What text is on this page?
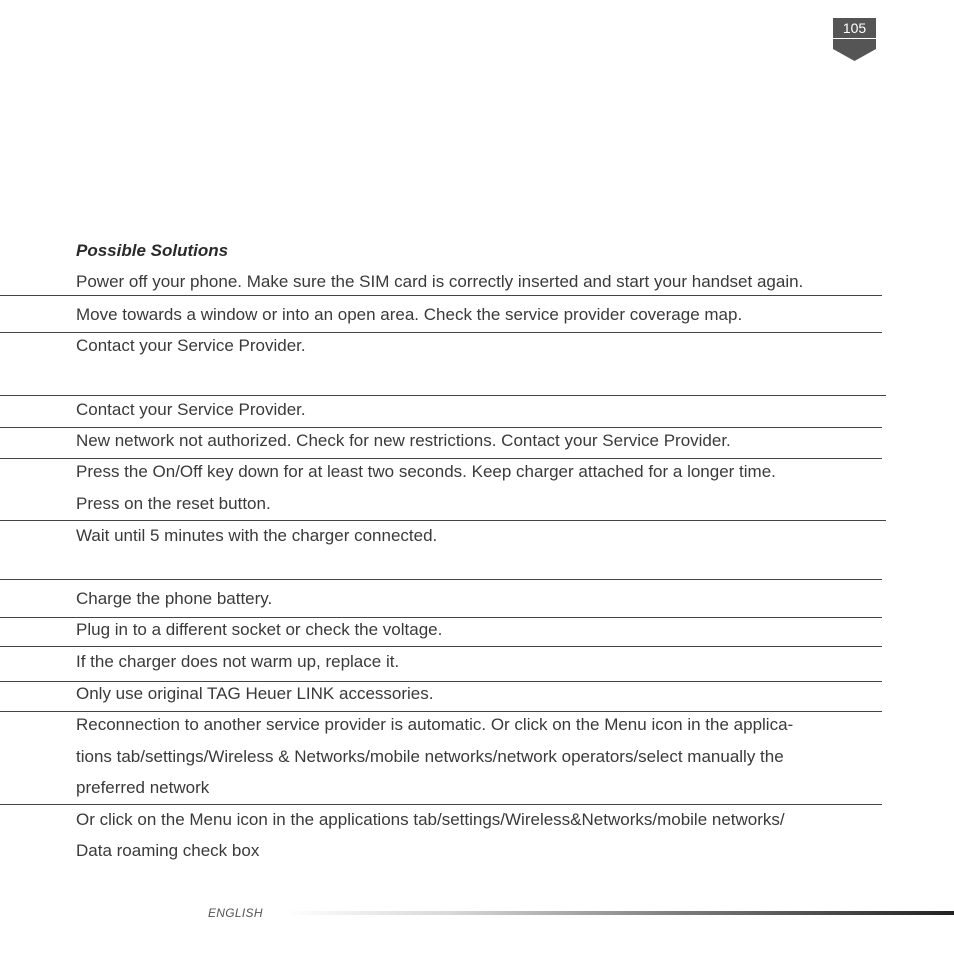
105
Possible Solutions
Power off your phone. Make sure the SIM card is correctly inserted and start your handset again.
Move towards a window or into an open area. Check the service provider coverage map.
Contact your Service Provider.
Contact your Service Provider.
New network not authorized. Check for new restrictions. Contact your Service Provider.
Press the On/Off key down for at least two seconds. Keep charger attached for a longer time.
Press on the reset button.
Wait until 5 minutes with the charger connected.
Charge the phone battery.
Plug in to a different socket or check the voltage.
If the charger does not warm up, replace it.
Only use original TAG Heuer LINK accessories.
Reconnection to another service provider is automatic. Or click on the Menu icon in the applica-
tions tab/settings/Wireless & Networks/mobile networks/network operators/select manually the
preferred network
Or click on the Menu icon in the applications tab/settings/Wireless&Networks/mobile networks/
Data roaming check box
ENGLISH
